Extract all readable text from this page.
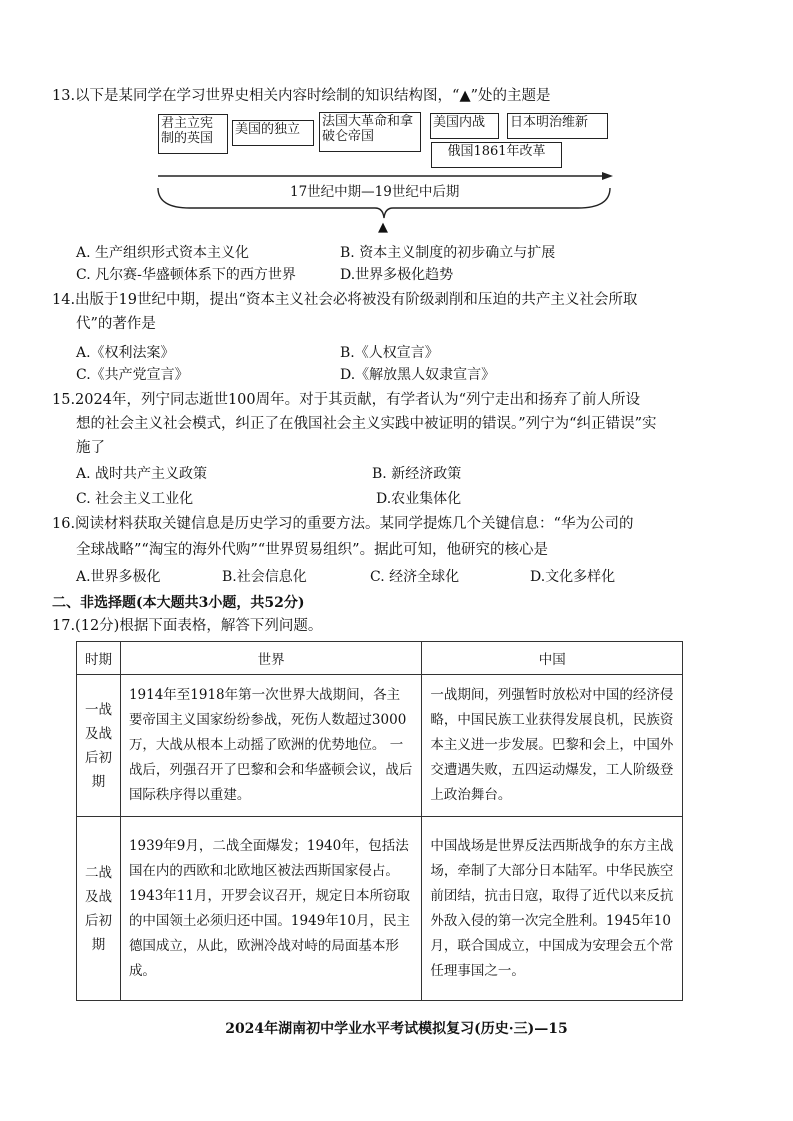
13.以下是某同学在学习世界史相关内容时绘制的知识结构图，“▲”处的主题是
君主立宪制的英国
美国的独立
法国大革命和拿破仑帝国
美国内战	日本明治维新
俄国1861年改革
17世纪中期—19世纪中后期
▲
A. 生产组织形式资本主义化	B. 资本主义制度的初步确立与扩展
C. 凡尔赛-华盛顿体系下的西方世界	D.世界多极化趋势
14.出版于19世纪中期，提出“资本主义社会必将被没有阶级剥削和压迫的共产主义社会所取
代”的著作是
A.《权利法案》	B.《人权宣言》
C.《共产党宣言》	D.《解放黑人奴隶宣言》
15.2024年，列宁同志逝世100周年。对于其贡献，有学者认为“列宁走出和扬弃了前人所设
想的社会主义社会模式，纠正了在俄国社会主义实践中被证明的错误。”列宁为“纠正错误”实
施了
A. 战时共产主义政策	B. 新经济政策
C. 社会主义工业化	D.农业集体化
16.阅读材料获取关键信息是历史学习的重要方法。某同学提炼几个关键信息：“华为公司的
全球战略”“淘宝的海外代购”“世界贸易组织”。据此可知，他研究的核心是
A.世界多极化	B.社会信息化	C. 经济全球化	D.文化多样化
二、非选择题(本大题共3小题，共52分)
17.(12分)根据下面表格，解答下列问题。
时期	世界	中国

一战
及战
后初
期	1914年至1918年第一次世界大战期间，各主要帝国主义国家纷纷参战，死伤人数超过3000万，大战从根本上动摇了欧洲的优势地位。 一战后，列强召开了巴黎和会和华盛顿会议，战后国际秩序得以重建。	一战期间，列强暂时放松对中国的经济侵略，中国民族工业获得发展良机，民族资本主义进一步发展。巴黎和会上，中国外交遭遇失败，五四运动爆发，工人阶级登上政治舞台。

二战
及战
后初
期	1939年9月，二战全面爆发；1940年，包括法国在内的西欧和北欧地区被法西斯国家侵占。1943年11月，开罗会议召开，规定日本所窃取的中国领土必须归还中国。1949年10月，民主德国成立，从此，欧洲冷战对峙的局面基本形成。	中国战场是世界反法西斯战争的东方主战场，牵制了大部分日本陆军。中华民族空前团结，抗击日寇，取得了近代以来反抗外敌入侵的第一次完全胜利。1945年10月，联合国成立，中国成为安理会五个常任理事国之一。
2024年湖南初中学业水平考试模拟复习(历史·三)—15
